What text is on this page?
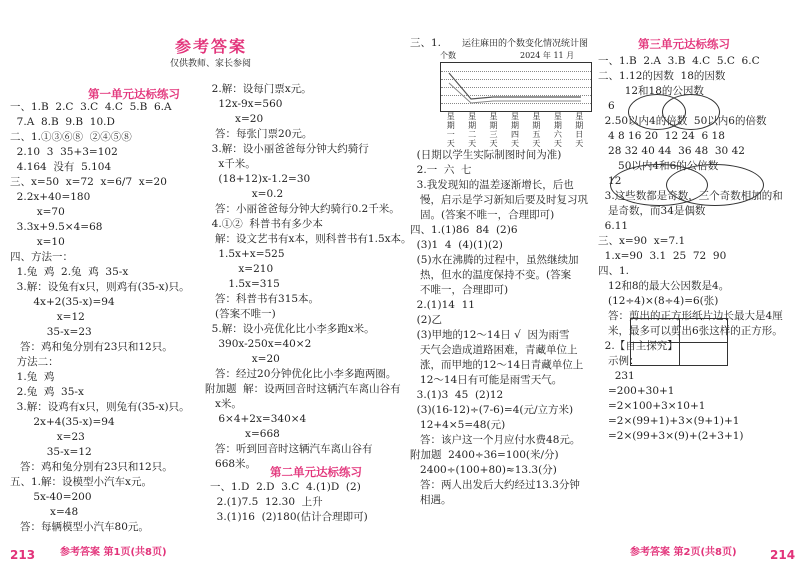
参考答案
仅供教师、家长参阅
第一单元达标练习
一、1.B  2.C  3.C  4.C  5.B  6.A
7.A  8.B  9.B  10.D
二、1.①③⑥⑧  ②④⑤⑧
2.10  3  35+3=102
4.164  没有  5.104
三、x=50  x=72  x=6/7  x=20
2.2x+40=180
x=70
3.3x+9.5×4=68
x=10
四、方法一：
1.兔  鸡  2.兔  鸡  35-x
3.解：设兔有x只，则鸡有(35-x)只。
4x+2(35-x)=94
x=12
35-x=23
答：鸡和兔分别有23只和12只。
方法二：
1.兔  鸡
2.兔  鸡  35-x
3.解：设鸡有x只，则兔有(35-x)只。
2x+4(35-x)=94
x=23
35-x=12
答：鸡和兔分别有23只和12只。
五、1.解：设模型小汽车x元。
5x-40=200
x=48
答：每辆模型小汽车80元。
2.解：设每门票x元。
12x-9x=560
x=20
答：每张门票20元。
3.解：设小丽爸爸每分钟大约骑行
x千米。
(18+12)x-1.2=30
x=0.2
答：小丽爸爸每分钟大约骑行0.2千米。
4.①②  科普书有多少本
解：设文艺书有x本，则科普书有1.5x本。
1.5x+x=525
x=210
1.5x=315
答：科普书有315本。
(答案不唯一)
5.解：设小亮优化比小李多跑x米。
390x-250x=40×2
x=20
答：经过20分钟优化比小李多跑两圈。
附加题  解：设两回音时这辆汽车离山谷有
x米。
6×4+2x=340×4
x=668
答：听到回音时这辆汽车离山谷有
668米。
第二单元达标练习
一、1.D  2.D  3.C  4.(1)D  (2)
2.(1)7.5  12.30  上升
3.(1)16  (2)180(估计合理即可)
213 参考答案 第1页(共8页)
三、1. 运往麻田的个数变化情况统计图
个数	2024 年 11 月
星
期
一
天
星
期
二
天
星
期
三
天
星
期
四
天
星
期
五
天
星
期
六
天
星
期
日
天
(日期以学生实际制图时间为准)
2.一  六  七
3.我发现知的温差逐渐增长，后也
慢，启示是学习新知后要及时复习巩
固。(答案不唯一，合理即可)
四、1.(1)86  84  (2)6
(3)1  4  (4)(1)(2)
(5)水在沸腾的过程中，虽然继续加
热，但水的温度保持不变。(答案
不唯一，合理即可)
2.(1)14  11
(2)乙
(3)甲地的12～14日 √  因为雨雪
天气会造成道路困难，青藏单位上
涨，而甲地的12～14日青藏单位上
12～14日有可能是雨雪天气。
3.(1)3  45  (2)12
(3)(16-12)÷(7-6)=4(元/立方米)
12+4×5=48(元)
答：该户这一个月应付水费48元。
附加题  2400÷36=100(米/分)
2400÷(100+80)≈13.3(分)
答：两人出发后大约经过13.3分钟
相遇。
第三单元达标练习
一、1.B  2.A  3.B  4.C  5.C  6.C
二、1.12的因数  18的因数
12和18的公因数
6
2.50以内4的倍数  50以内6的倍数
4 8 16 20  12 24  6 18
28 32 40 44  36 48  30 42
50以内4和6的公倍数
12
3.这些数都是奇数，三个奇数相加的和
是奇数，而34是偶数
6.11
三、x=90  x=7.1
1.x=90  3.1  25  72  90
四、1.
12和8的最大公因数是4。
(12÷4)×(8÷4)=6(张)
答：剪出的正方形纸片边长最大是4厘
米，最多可以剪出6张这样的正方形。
2.【自主探究】
示例：
231
=200+30+1
=2×100+3×10+1
=2×(99+1)+3×(9+1)+1
=2×(99+3×(9)+(2+3+1)
参考答案 第2页(共8页)	214
